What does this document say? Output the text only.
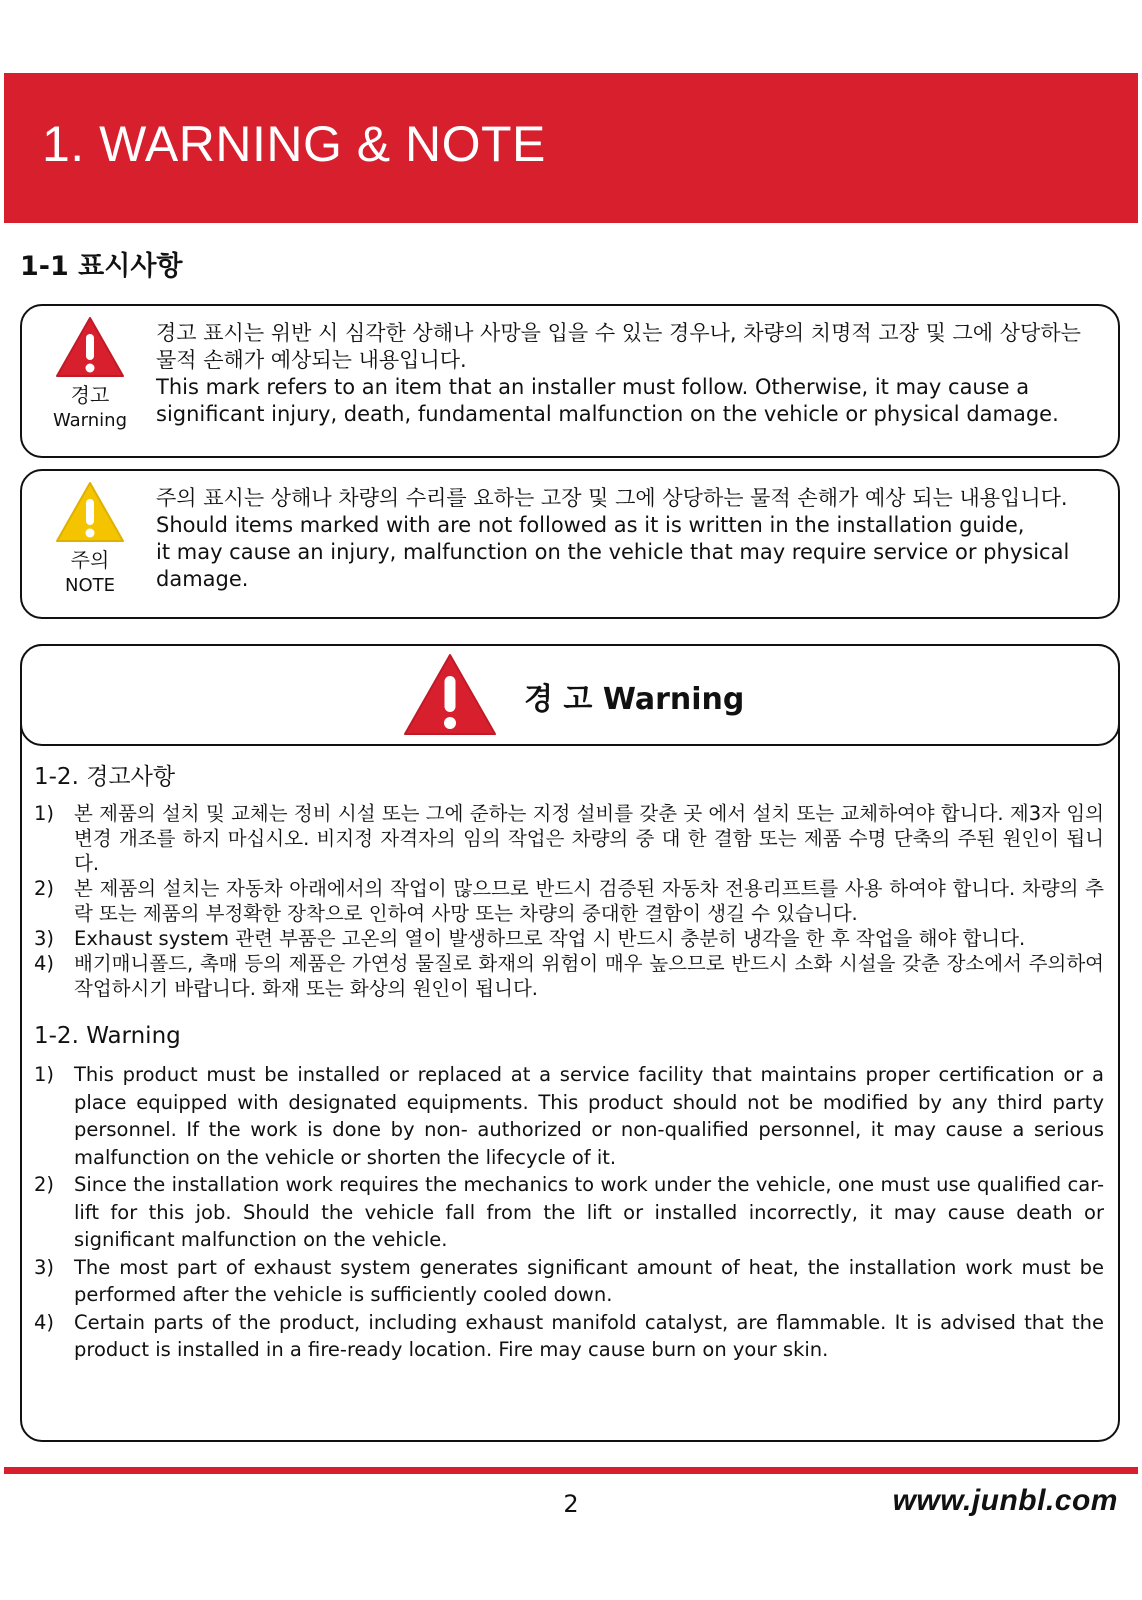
1. WARNING & NOTE
1-1 표시사항
경고
Warning

경고 표시는 위반 시 심각한 상해나 사망을 입을 수 있는 경우나, 차량의 치명적 고장 및 그에 상당하는 물적 손해가 예상되는 내용입니다.

This mark refers to an item that an installer must follow. Otherwise, it may cause a significant injury, death, fundamental malfunction on the vehicle or physical damage.

주의
NOTE

주의 표시는 상해나 차량의 수리를 요하는 고장 및 그에 상당하는 물적 손해가 예상 되는 내용입니다.

Should items marked with are not followed as it is written in the installation guide,

it may cause an injury, malfunction on the vehicle that may require service or physical damage.

경 고 Warning
1-2. 경고사항
1) 본 제품의 설치 및 교체는 정비 시설 또는 그에 준하는 지정 설비를 갖춘 곳 에서 설치 또는 교체하여야 합니다. 제3자 임의변경 개조를 하지 마십시오. 비지정 자격자의 임의 작업은 차량의 중 대 한 결함 또는 제품 수명 단축의 주된 원인이 됩니다.
2) 본 제품의 설치는 자동차 아래에서의 작업이 많으므로 반드시 검증된 자동차 전용리프트를 사용 하여야 합니다. 차량의 추락 또는 제품의 부정확한 장착으로 인하여 사망 또는 차량의 중대한 결함이 생길 수 있습니다.
3) Exhaust system 관련 부품은 고온의 열이 발생하므로 작업 시 반드시 충분히 냉각을 한 후 작업을 해야 합니다.
4) 배기매니폴드, 촉매 등의 제품은 가연성 물질로 화재의 위험이 매우 높으므로 반드시 소화 시설을 갖춘 장소에서 주의하여 작업하시기 바랍니다. 화재 또는 화상의 원인이 됩니다.
1-2. Warning
1) This product must be installed or replaced at a service facility that maintains proper certification or a place equipped with designated equipments. This product should not be modified by any third party personnel. If the work is done by non- authorized or non-qualified personnel, it may cause a serious malfunction on the vehicle or shorten the lifecycle of it.
2) Since the installation work requires the mechanics to work under the vehicle, one must use qualified car-lift for this job. Should the vehicle fall from the lift or installed incorrectly, it may cause death or significant malfunction on the vehicle.
3) The most part of exhaust system generates significant amount of heat, the installation work must be performed after the vehicle is sufficiently cooled down.
4) Certain parts of the product, including exhaust manifold catalyst, are flammable. It is advised that the product is installed in a fire-ready location. Fire may cause burn on your skin.
2	www.junbl.com
